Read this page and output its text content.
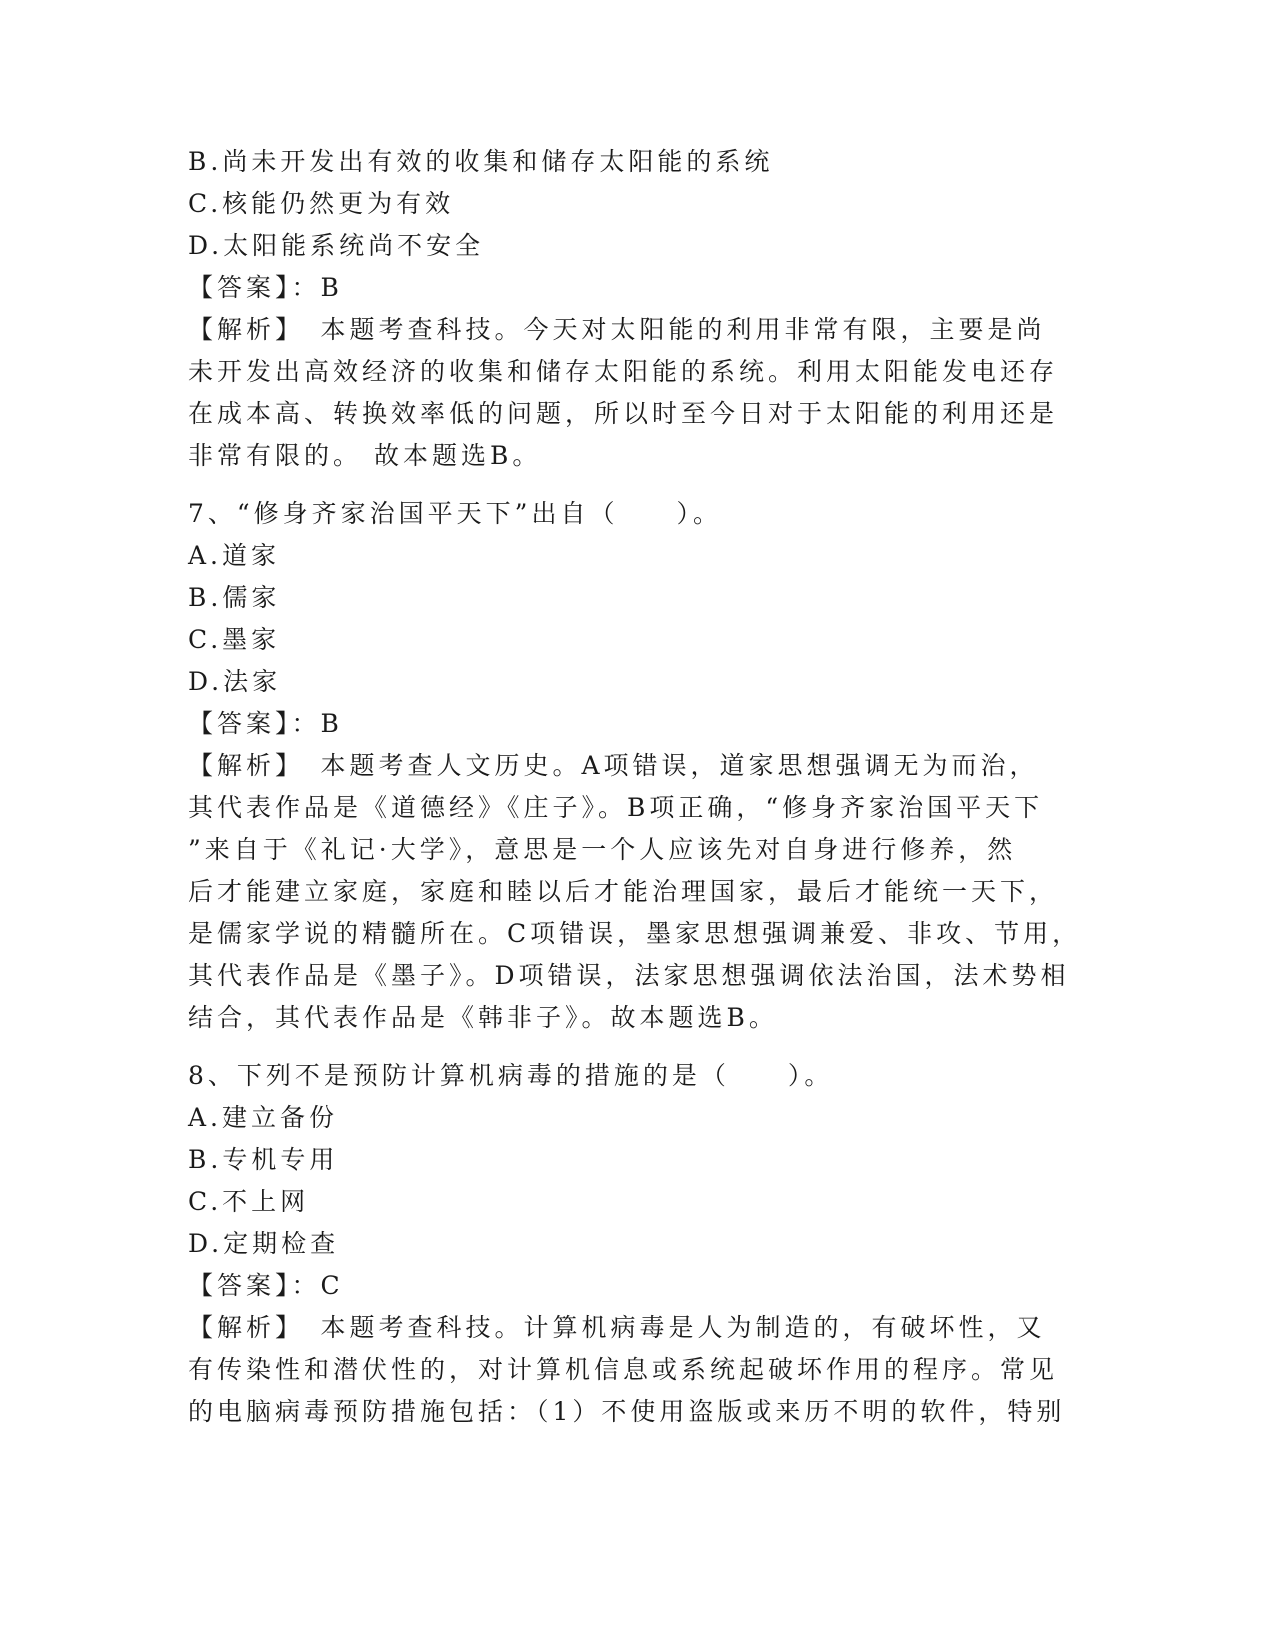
B.尚未开发出有效的收集和储存太阳能的系统
C.核能仍然更为有效
D.太阳能系统尚不安全
【答案】：B
【解析】　本题考查科技。今天对太阳能的利用非常有限，主要是尚
未开发出高效经济的收集和储存太阳能的系统。利用太阳能发电还存
在成本高、转换效率低的问题，所以时至今日对于太阳能的利用还是
非常有限的。 故本题选B。
7、“修身齐家治国平天下”出自（　　）。
A.道家
B.儒家
C.墨家
D.法家
【答案】：B
【解析】　本题考查人文历史。A项错误，道家思想强调无为而治，
其代表作品是《道德经》《庄子》。B项正确，“修身齐家治国平天下
”来自于《礼记·大学》，意思是一个人应该先对自身进行修养，然
后才能建立家庭，家庭和睦以后才能治理国家，最后才能统一天下，
是儒家学说的精髓所在。C项错误，墨家思想强调兼爱、非攻、节用，
其代表作品是《墨子》。D项错误，法家思想强调依法治国，法术势相
结合，其代表作品是《韩非子》。故本题选B。
8、下列不是预防计算机病毒的措施的是（　　）。
A.建立备份
B.专机专用
C.不上网
D.定期检查
【答案】：C
【解析】　本题考查科技。计算机病毒是人为制造的，有破坏性，又
有传染性和潜伏性的，对计算机信息或系统起破坏作用的程序。常见
的电脑病毒预防措施包括：（1）不使用盗版或来历不明的软件，特别
